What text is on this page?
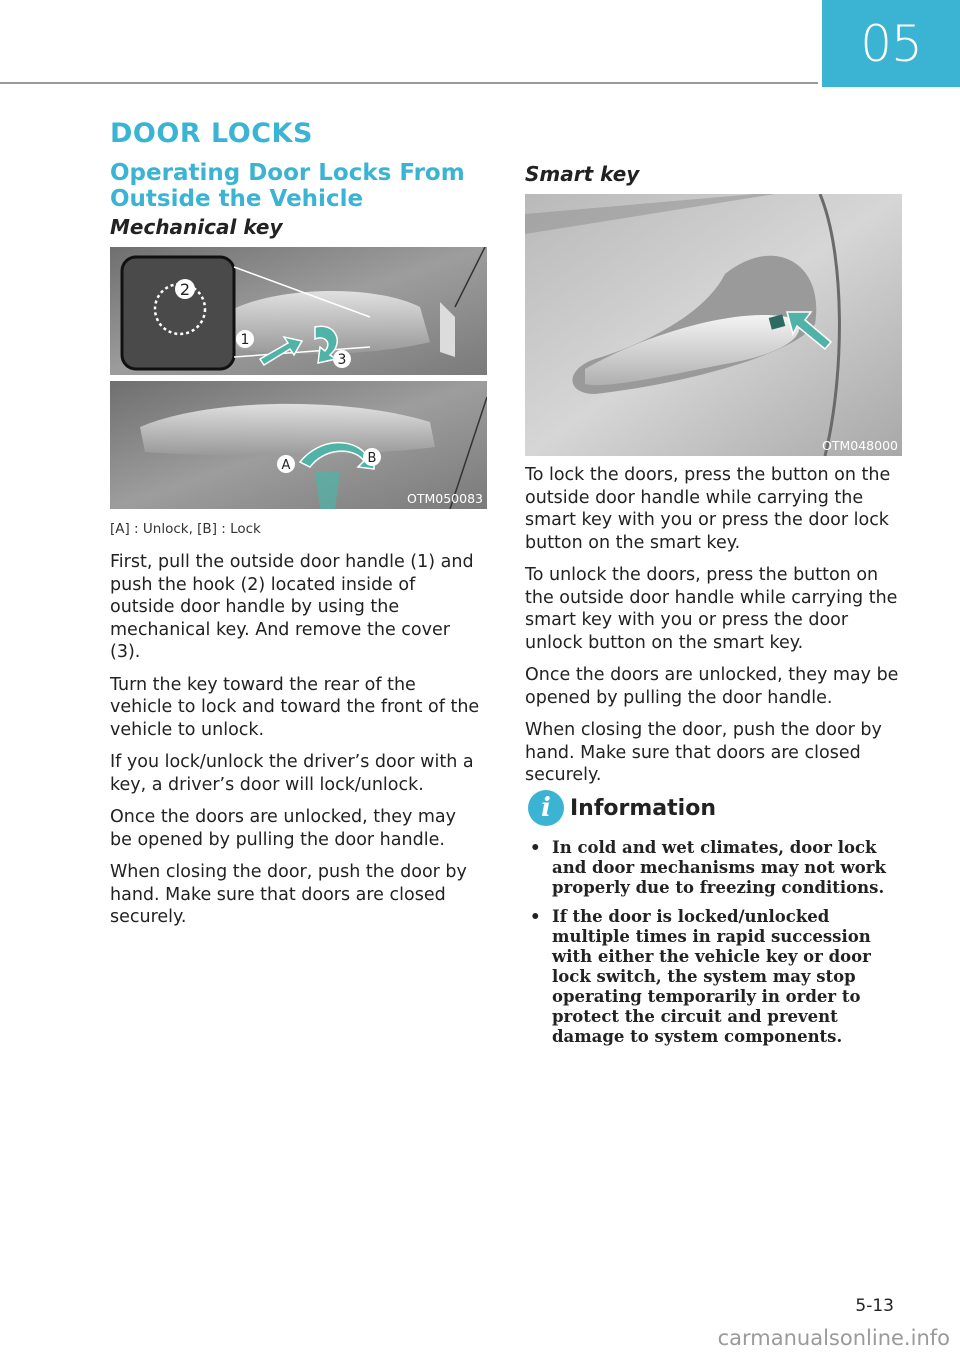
05
DOOR LOCKS
Operating Door Locks From Outside the Vehicle
Mechanical key
2
1
3
A	B
OTM050083
[A] : Unlock, [B] : Lock

First, pull the outside door handle (1) and push the hook (2) located inside of outside door handle by using the mechanical key. And remove the cover (3).

Turn the key toward the rear of the vehicle to lock and toward the front of the vehicle to unlock.

If you lock/unlock the driver’s door with a key, a driver’s door will lock/unlock.

Once the doors are unlocked, they may be opened by pulling the door handle.

When closing the door, push the door by hand. Make sure that doors are closed securely.

Smart key
OTM048000

To lock the doors, press the button on the outside door handle while carrying the smart key with you or press the door lock button on the smart key.

To unlock the doors, press the button on the outside door handle while carrying the smart key with you or press the door unlock button on the smart key.

Once the doors are unlocked, they may be opened by pulling the door handle.

When closing the door, push the door by hand. Make sure that doors are closed securely.

i Information
• In cold and wet climates, door lock and door mechanisms may not work properly due to freezing conditions.
• If the door is locked/unlocked multiple times in rapid succession with either the vehicle key or door lock switch, the system may stop operating temporarily in order to protect the circuit and prevent damage to system components.
5-13
carmanualsonline.info
